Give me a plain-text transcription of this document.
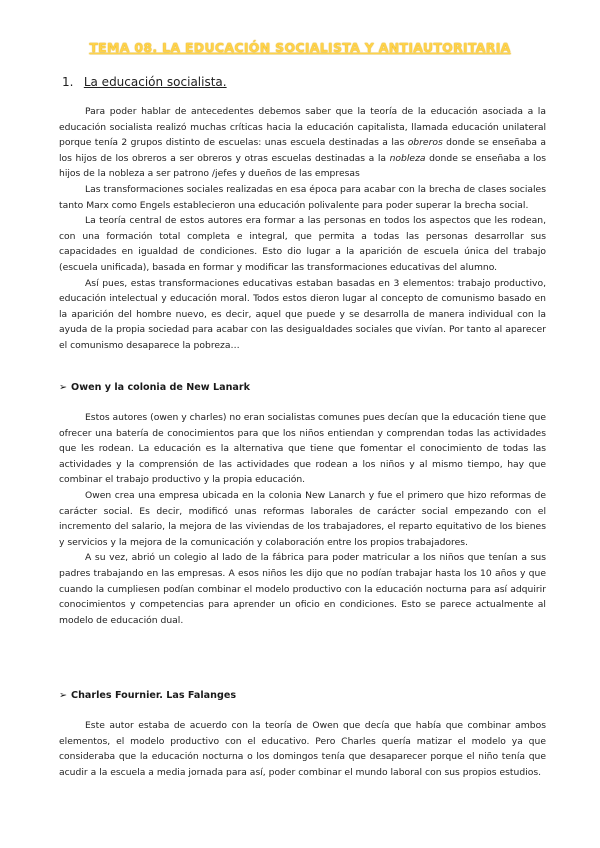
TEMA 08. LA EDUCACIÓN SOCIALISTA Y ANTIAUTORITARIA
1. La educación socialista.

Para poder hablar de antecedentes debemos saber que la teoría de la educación asociada a la educación socialista realizó muchas críticas hacia la educación capitalista, llamada educación unilateral porque tenía 2 grupos distinto de escuelas: unas escuela destinadas a las obreros donde se enseñaba a los hijos de los obreros a ser obreros y otras escuelas destinadas a la nobleza donde se enseñaba a los hijos de la nobleza a ser patrono /jefes y dueños de las empresas

Las transformaciones sociales realizadas en esa época para acabar con la brecha de clases sociales tanto Marx como Engels establecieron una educación polivalente para poder superar la brecha social.

La teoría central de estos autores era formar a las personas en todos los aspectos que les rodean, con una formación total completa e integral, que permita a todas las personas desarrollar sus capacidades en igualdad de condiciones. Esto dio lugar a la aparición de escuela única del trabajo (escuela unificada), basada en formar y modificar las transformaciones educativas del alumno.

Así pues, estas transformaciones educativas estaban basadas en 3 elementos: trabajo productivo, educación intelectual y educación moral. Todos estos dieron lugar al concepto de comunismo basado en la aparición del hombre nuevo, es decir, aquel que puede y se desarrolla de manera individual con la ayuda de la propia sociedad para acabar con las desigualdades sociales que vivían. Por tanto al aparecer el comunismo desaparece la pobreza…

➢ Owen y la colonia de New Lanark

Estos autores (owen y charles) no eran socialistas comunes pues decían que la educación tiene que ofrecer una batería de conocimientos para que los niños entiendan y comprendan todas las actividades que les rodean. La educación es la alternativa que tiene que fomentar el conocimiento de todas las actividades y la comprensión de las actividades que rodean a los niños y al mismo tiempo, hay que combinar el trabajo productivo y la propia educación.

Owen crea una empresa ubicada en la colonia New Lanarch y fue el primero que hizo reformas de carácter social. Es decir, modificó unas reformas laborales de carácter social empezando con el incremento del salario, la mejora de las viviendas de los trabajadores, el reparto equitativo de los bienes y servicios y la mejora de la comunicación y colaboración entre los propios trabajadores.

A su vez, abrió un colegio al lado de la fábrica para poder matricular a los niños que tenían a sus padres trabajando en las empresas. A esos niños les dijo que no podían trabajar hasta los 10 años y que cuando la cumpliesen podían combinar el modelo productivo con la educación nocturna para así adquirir conocimientos y competencias para aprender un oficio en condiciones. Esto se parece actualmente al modelo de educación dual.

➢ Charles Fournier. Las Falanges

Este autor estaba de acuerdo con la teoría de Owen que decía que había que combinar ambos elementos, el modelo productivo con el educativo. Pero Charles quería matizar el modelo ya que consideraba que la educación nocturna o los domingos tenía que desaparecer porque el niño tenía que acudir a la escuela a media jornada para así, poder combinar el mundo laboral con sus propios estudios.
